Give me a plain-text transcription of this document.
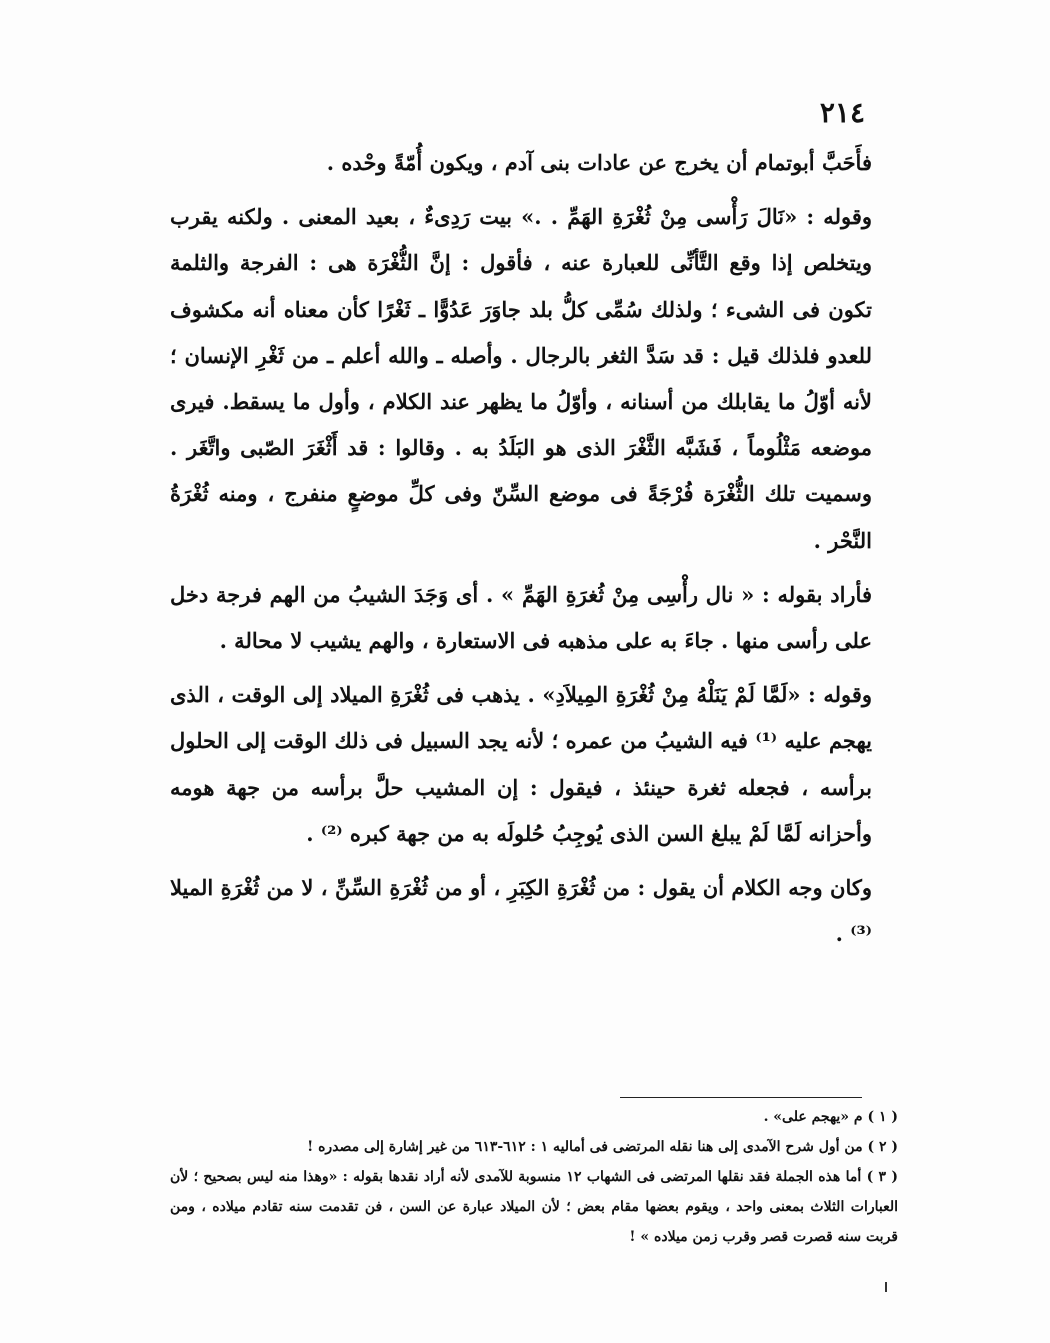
٢١٤

فأَحَبَّ أبوتمام أن يخرج عن عادات بنى آدم ، ويكون أُمّةً وحْده .

وقوله : «نَالَ رَأْسى مِنْ ثُغْرَةِ الهَمِّ . .» بيت رَدِىءٌ ، بعيد المعنى . ولكنه يقرب ويتخلص إذا وقع التَّأنِّى للعبارة عنه ، فأقول : إنَّ الثُّغْرَة هى : الفرجة والثلمة تكون فى الشىء ؛ ولذلك سُمِّى كلُّ بلد جاوَرَ عَدُوًّا ـ ثَغْرًا كأن معناه أنه مكشوف للعدو فلذلك قيل : قد سَدَّ الثغر بالرجال . وأصله ـ والله أعلم ـ من ثَغْرِ الإنسان ؛ لأنه أوّلُ ما يقابلك من أسنانه ، وأوّلُ ما يظهر عند الكلام ، وأول ما يسقط. فيرى موضعه مَثْلُوماً ، فَشَبَّه الثَّغْرَ الذى هو البَلَدُ به . وقالوا : قد أَثْغَرَ الصّبى واتَّغَر . وسميت تلك الثُّغْرَة فُرْجَةً فى موضع السِّنّ وفى كلِّ موضعٍ منفرج ، ومنه ثُغْرَةُ النَّحْر .

فأراد بقوله : « نال رأْسِى مِنْ ثُغرَةِ الهَمِّ » . أى وَجَدَ الشيبُ من الهم فرجة دخل على رأسى منها . جاءَ به على مذهبه فى الاستعارة ، والهم يشيب لا محالة .

وقوله : «لَمَّا لَمْ يَنَلْهُ مِنْ ثُغْرَةِ المِيلاَدِ» . يذهب فى ثُغْرَةِ الميلاد إلى الوقت ، الذى يهجم عليه ⁽¹⁾ فيه الشيبُ من عمره ؛ لأنه يجد السبيل فى ذلك الوقت إلى الحلول برأسه ، فجعله ثغرة حينئذ ، فيقول : إن المشيب حلَّ برأسه من جهة هومه وأحزانه لَمَّا لَمْ يبلغ السن الذى يُوجِبُ حُلولَه به من جهة كبره ⁽²⁾ .

وكان وجه الكلام أن يقول : من ثُغْرَةِ الكِبَرِ ، أو من ثُغْرَةِ السِّنِّ ، لا من ثُغْرَةِ الميلا ⁽³⁾ .

( ١ ) م «يهجم على» .

( ٢ ) من أول شرح الآمدى إلى هنا نقله المرتضى فى أماليه ١ : ٦١٢-٦١٣ من غير إشارة إلى مصدره !

( ٣ ) أما هذه الجملة فقد نقلها المرتضى فى الشهاب ١٢ منسوبة للآمدى لأنه أراد نقدها بقوله : «وهذا منه ليس بصحيح ؛ لأن العبارات الثلاث بمعنى واحد ، ويقوم بعضها مقام بعض ؛ لأن الميلاد عبارة عن السن ، فن تقدمت سنه تقادم ميلاده ، ومن قربت سنه قصرت قصر وقرب زمن ميلاده » !
